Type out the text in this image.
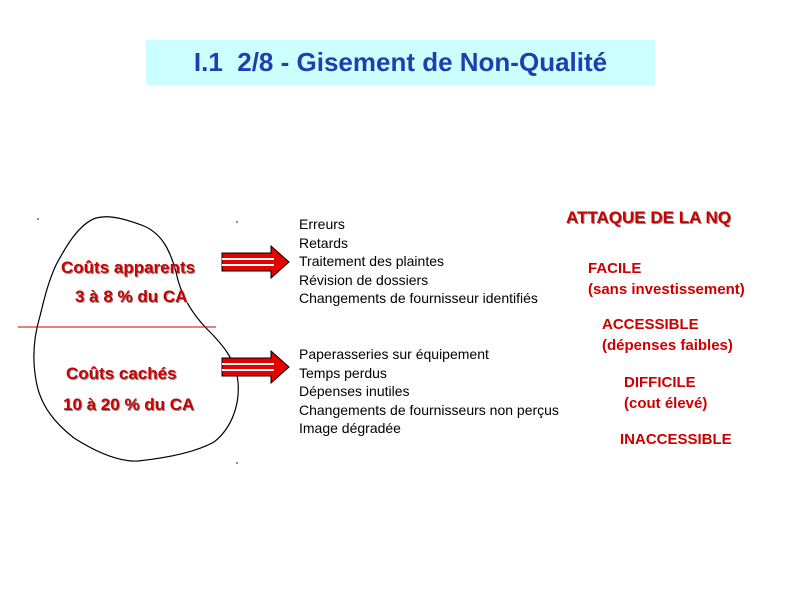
I.1  2/8 - Gisement de Non-Qualité
Coûts apparents
3 à 8 % du CA
Coûts cachés
10 à 20 % du CA
Erreurs
Retards
Traitement des plaintes
Révision de dossiers
Changements de fournisseur identifiés
Paperasseries sur équipement
Temps perdus
Dépenses inutiles
Changements de fournisseurs non perçus
Image dégradée
ATTAQUE DE LA NQ
FACILE
(sans investissement)
ACCESSIBLE
(dépenses faibles)
DIFFICILE
(cout élevé)
INACCESSIBLE
